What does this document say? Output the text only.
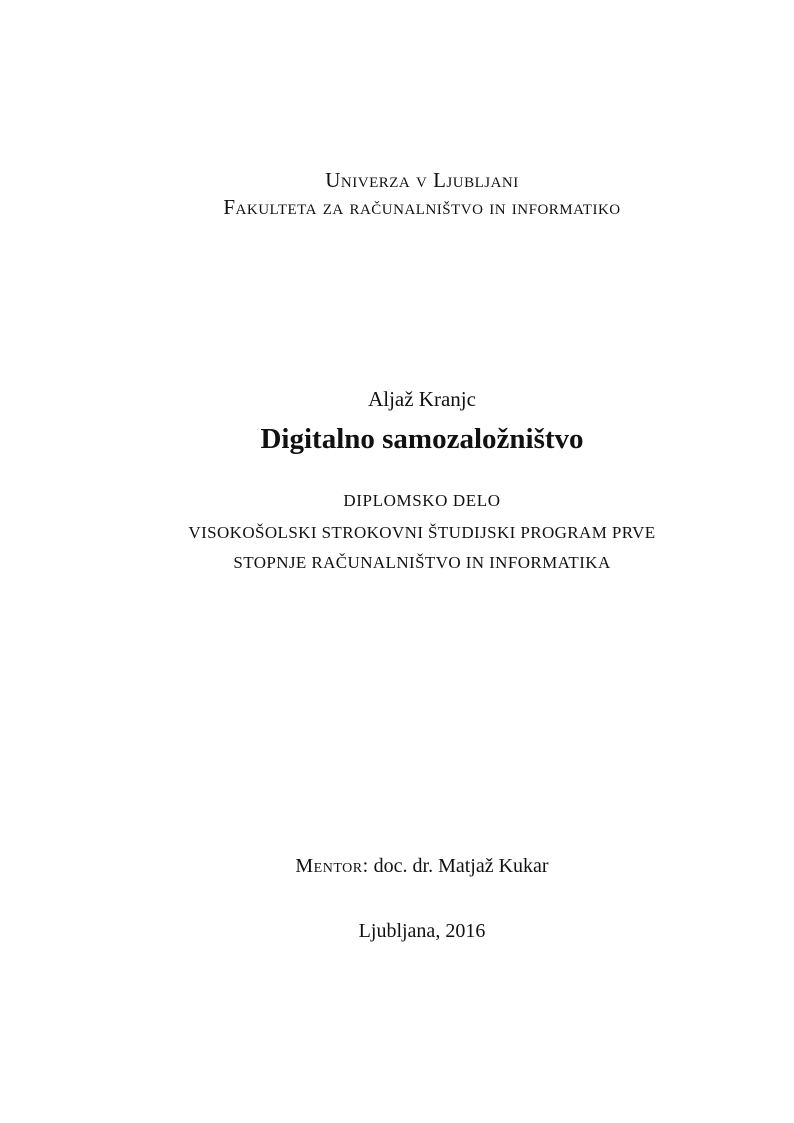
Univerza v Ljubljani
Fakulteta za računalništvo in informatiko
Aljaž Kranjc
Digitalno samozaložništvo
DIPLOMSKO DELO
VISOKOŠOLSKI STROKOVNI ŠTUDIJSKI PROGRAM PRVE
STOPNJE RAČUNALNIŠTVO IN INFORMATIKA
Mentor: doc. dr. Matjaž Kukar
Ljubljana, 2016
